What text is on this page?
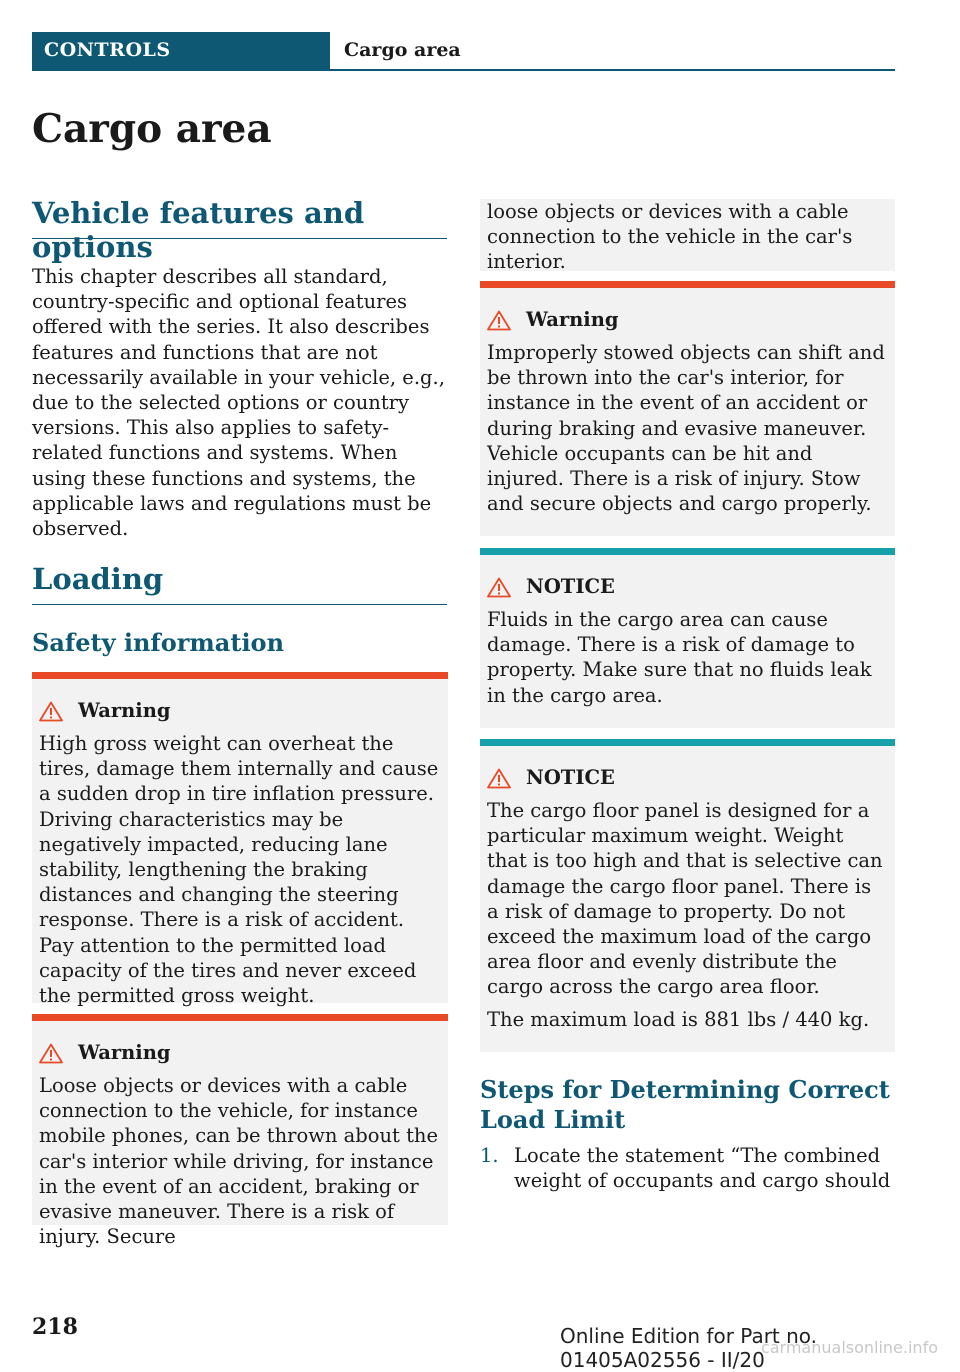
CONTROLS	Cargo area
Cargo area
Vehicle features and options
This chapter describes all standard, country-specific and optional features offered with the series. It also describes features and functions that are not necessarily available in your vehicle, e.g., due to the selected options or country versions. This also applies to safety-related functions and systems. When using these functions and systems, the applicable laws and regulations must be observed.
Loading
Safety information
Warning
High gross weight can overheat the tires, damage them internally and cause a sudden drop in tire inflation pressure. Driving characteristics may be negatively impacted, reducing lane stability, lengthening the braking distances and changing the steering response. There is a risk of accident. Pay attention to the permitted load capacity of the tires and never exceed the permitted gross weight.
Warning
Loose objects or devices with a cable connection to the vehicle, for instance mobile phones, can be thrown about the car's interior while driving, for instance in the event of an accident, braking or evasive maneuver. There is a risk of injury. Secure
loose objects or devices with a cable connection to the vehicle in the car's interior.
Warning
Improperly stowed objects can shift and be thrown into the car's interior, for instance in the event of an accident or during braking and evasive maneuver. Vehicle occupants can be hit and injured. There is a risk of injury. Stow and secure objects and cargo properly.
NOTICE
Fluids in the cargo area can cause damage. There is a risk of damage to property. Make sure that no fluids leak in the cargo area.
NOTICE
The cargo floor panel is designed for a particular maximum weight. Weight that is too high and that is selective can damage the cargo floor panel. There is a risk of damage to property. Do not exceed the maximum load of the cargo area floor and evenly distribute the cargo across the cargo area floor.
The maximum load is 881 lbs / 440 kg.
Steps for Determining Correct Load Limit
1. Locate the statement “The combined weight of occupants and cargo should
218	Online Edition for Part no. 01405A02556 - II/20
carmanualsonline.info
